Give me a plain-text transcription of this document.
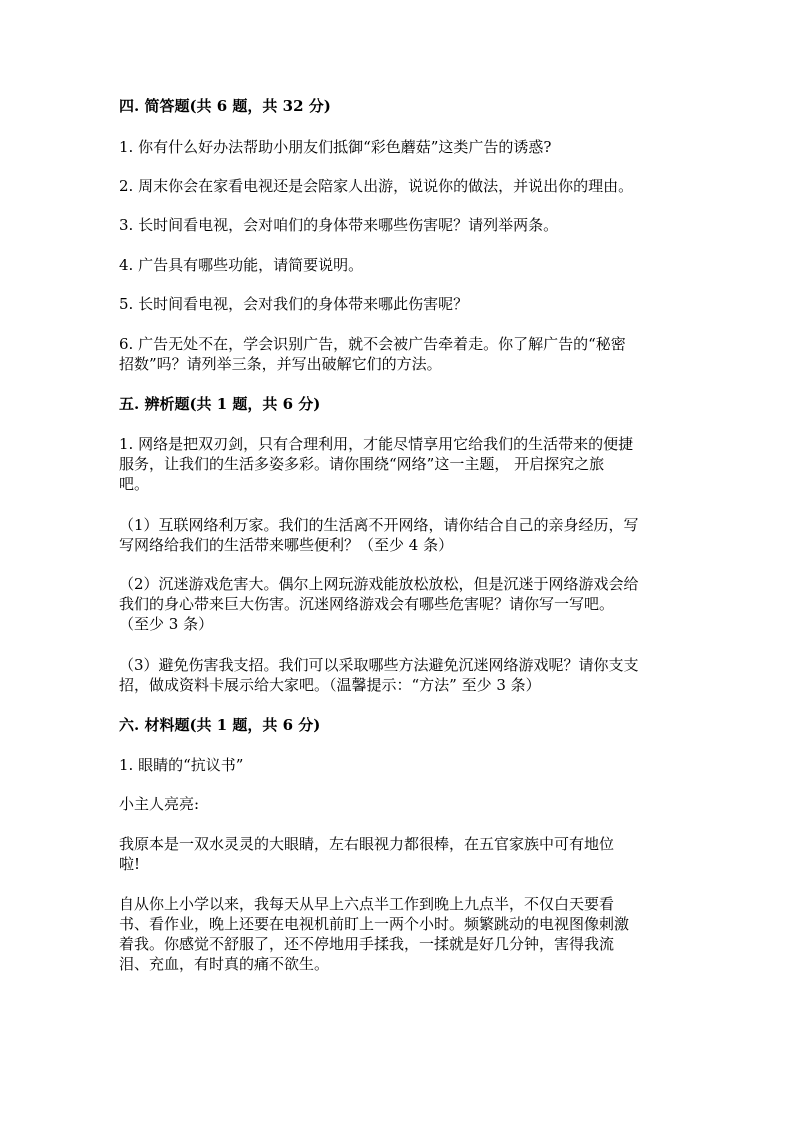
四. 简答题(共 6 题，共 32 分)
1. 你有什么好办法帮助小朋友们抵御“彩色蘑菇”这类广告的诱惑?
2. 周末你会在家看电视还是会陪家人出游，说说你的做法，并说出你的理由。
3. 长时间看电视，会对咱们的身体带来哪些伤害呢？请列举两条。
4. 广告具有哪些功能，请简要说明。
5. 长时间看电视，会对我们的身体带来哪此伤害呢？
6. 广告无处不在，学会识别广告，就不会被广告牵着走。你了解广告的“秘密
招数”吗？请列举三条，并写出破解它们的方法。
五. 辨析题(共 1 题，共 6 分)
1. 网络是把双刃剑，只有合理利用，才能尽情享用它给我们的生活带来的便捷
服务，让我们的生活多姿多彩。请你围绕“网络”这一主题， 开启探究之旅
吧。
（1）互联网络利万家。我们的生活离不开网络，请你结合自己的亲身经历，写
写网络给我们的生活带来哪些便利？（至少 4 条）
（2）沉迷游戏危害大。偶尔上网玩游戏能放松放松，但是沉迷于网络游戏会给
我们的身心带来巨大伤害。沉迷网络游戏会有哪些危害呢？请你写一写吧。
（至少 3 条）
（3）避免伤害我支招。我们可以采取哪些方法避免沉迷网络游戏呢？请你支支
招，做成资料卡展示给大家吧。（温馨提示：“方法” 至少 3 条）
六. 材料题(共 1 题，共 6 分)
1. 眼睛的“抗议书”
小主人亮亮:
我原本是一双水灵灵的大眼睛，左右眼视力都很棒，在五官家族中可有地位
啦!
自从你上小学以来，我每天从早上六点半工作到晚上九点半，不仅白天要看
书、看作业，晚上还要在电视机前盯上一两个小时。频繁跳动的电视图像刺激
着我。你感觉不舒服了，还不停地用手揉我，一揉就是好几分钟，害得我流
泪、充血，有时真的痛不欲生。
